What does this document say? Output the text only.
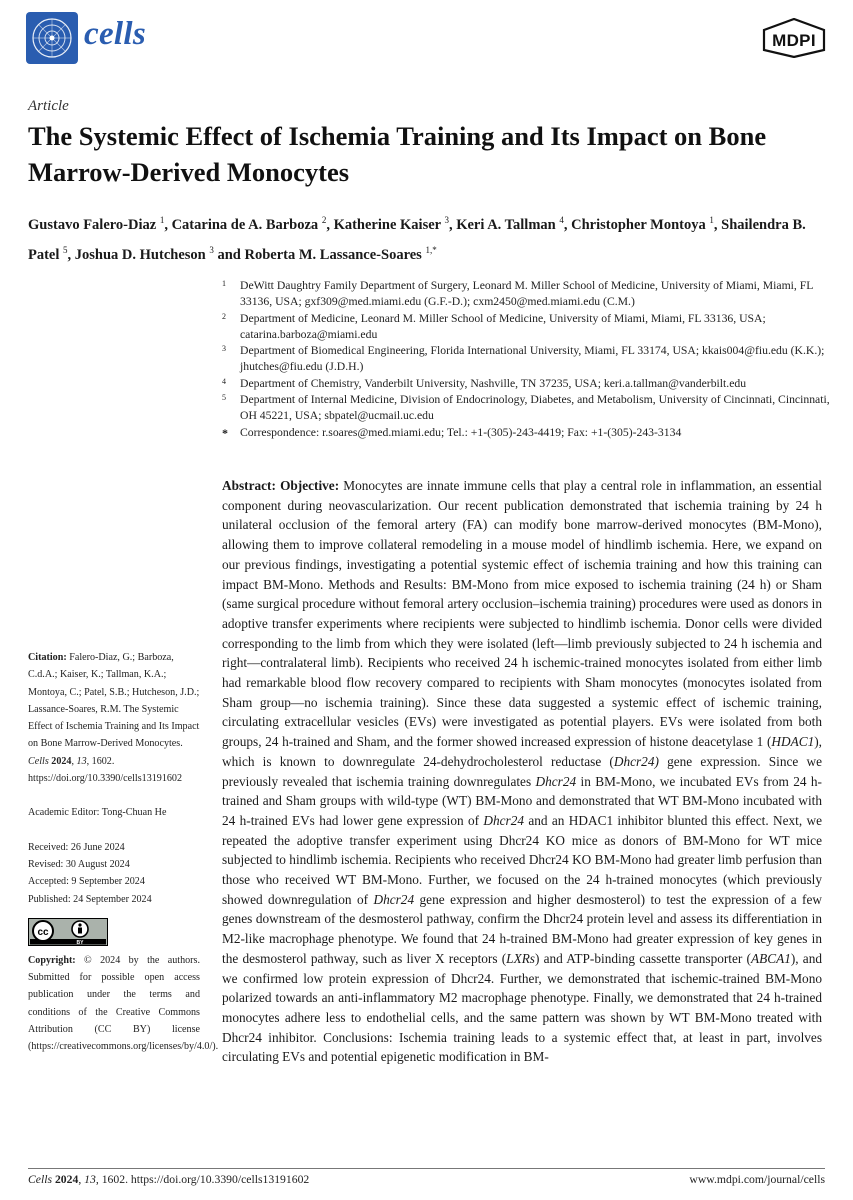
cells	MDPI
Article
The Systemic Effect of Ischemia Training and Its Impact on Bone Marrow-Derived Monocytes
Gustavo Falero-Diaz $^1$, Catarina de A. Barboza $^2$, Katherine Kaiser $^3$, Keri A. Tallman $^4$, Christopher Montoya $^1$, Shailendra B. Patel $^5$, Joshua D. Hutcheson $^3$ and Roberta M. Lassance-Soares $^{1,*}$
1 DeWitt Daughtry Family Department of Surgery, Leonard M. Miller School of Medicine, University of Miami, Miami, FL 33136, USA; gxf309@med.miami.edu (G.F.-D.); cxm2450@med.miami.edu (C.M.)
2 Department of Medicine, Leonard M. Miller School of Medicine, University of Miami, Miami, FL 33136, USA; catarina.barboza@miami.edu
3 Department of Biomedical Engineering, Florida International University, Miami, FL 33174, USA; kkais004@fiu.edu (K.K.); jhutches@fiu.edu (J.D.H.)
4 Department of Chemistry, Vanderbilt University, Nashville, TN 37235, USA; keri.a.tallman@vanderbilt.edu
5 Department of Internal Medicine, Division of Endocrinology, Diabetes, and Metabolism, University of Cincinnati, Cincinnati, OH 45221, USA; sbpatel@ucmail.uc.edu
* Correspondence: r.soares@med.miami.edu; Tel.: +1-(305)-243-4419; Fax: +1-(305)-243-3134
Abstract: Objective: Monocytes are innate immune cells that play a central role in inflammation, an essential component during neovascularization. Our recent publication demonstrated that ischemia training by 24 h unilateral occlusion of the femoral artery (FA) can modify bone marrow-derived monocytes (BM-Mono), allowing them to improve collateral remodeling in a mouse model of hindlimb ischemia. Here, we expand on our previous findings, investigating a potential systemic effect of ischemia training and how this training can impact BM-Mono. Methods and Results: BM-Mono from mice exposed to ischemia training (24 h) or Sham (same surgical procedure without femoral artery occlusion–ischemia training) procedures were used as donors in adoptive transfer experiments where recipients were subjected to hindlimb ischemia. Donor cells were divided corresponding to the limb from which they were isolated (left—limb previously subjected to 24 h ischemia and right—contralateral limb). Recipients who received 24 h ischemic-trained monocytes isolated from either limb had remarkable blood flow recovery compared to recipients with Sham monocytes (monocytes isolated from Sham group—no ischemia training). Since these data suggested a systemic effect of ischemic training, circulating extracellular vesicles (EVs) were investigated as potential players. EVs were isolated from both groups, 24 h-trained and Sham, and the former showed increased expression of histone deacetylase 1 (HDAC1), which is known to downregulate 24-dehydrocholesterol reductase (Dhcr24) gene expression. Since we previously revealed that ischemia training downregulates Dhcr24 in BM-Mono, we incubated EVs from 24 h-trained and Sham groups with wild-type (WT) BM-Mono and demonstrated that WT BM-Mono incubated with 24 h-trained EVs had lower gene expression of Dhcr24 and an HDAC1 inhibitor blunted this effect. Next, we repeated the adoptive transfer experiment using Dhcr24 KO mice as donors of BM-Mono for WT mice subjected to hindlimb ischemia. Recipients who received Dhcr24 KO BM-Mono had greater limb perfusion than those who received WT BM-Mono. Further, we focused on the 24 h-trained monocytes (which previously showed downregulation of Dhcr24 gene expression and higher desmosterol) to test the expression of a few genes downstream of the desmosterol pathway, confirm the Dhcr24 protein level and assess its differentiation in M2-like macrophage phenotype. We found that 24 h-trained BM-Mono had greater expression of key genes in the desmosterol pathway, such as liver X receptors (LXRs) and ATP-binding cassette transporter (ABCA1), and we confirmed low protein expression of Dhcr24. Further, we demonstrated that ischemic-trained BM-Mono polarized towards an anti-inflammatory M2 macrophage phenotype. Finally, we demonstrated that 24 h-trained monocytes adhere less to endothelial cells, and the same pattern was shown by WT BM-Mono treated with Dhcr24 inhibitor. Conclusions: Ischemia training leads to a systemic effect that, at least in part, involves circulating EVs and potential epigenetic modification in BM-
Citation: Falero-Diaz, G.; Barboza, C.d.A.; Kaiser, K.; Tallman, K.A.; Montoya, C.; Patel, S.B.; Hutcheson, J.D.; Lassance-Soares, R.M. The Systemic Effect of Ischemia Training and Its Impact on Bone Marrow-Derived Monocytes. Cells 2024, 13, 1602. https://doi.org/10.3390/cells13191602
Academic Editor: Tong-Chuan He
Received: 26 June 2024
Revised: 30 August 2024
Accepted: 9 September 2024
Published: 24 September 2024
cc
BY
Copyright: © 2024 by the authors. Submitted for possible open access publication under the terms and conditions of the Creative Commons Attribution (CC BY) license (https://creativecommons.org/licenses/by/4.0/).
Cells 2024, 13, 1602. https://doi.org/10.3390/cells13191602	www.mdpi.com/journal/cells
